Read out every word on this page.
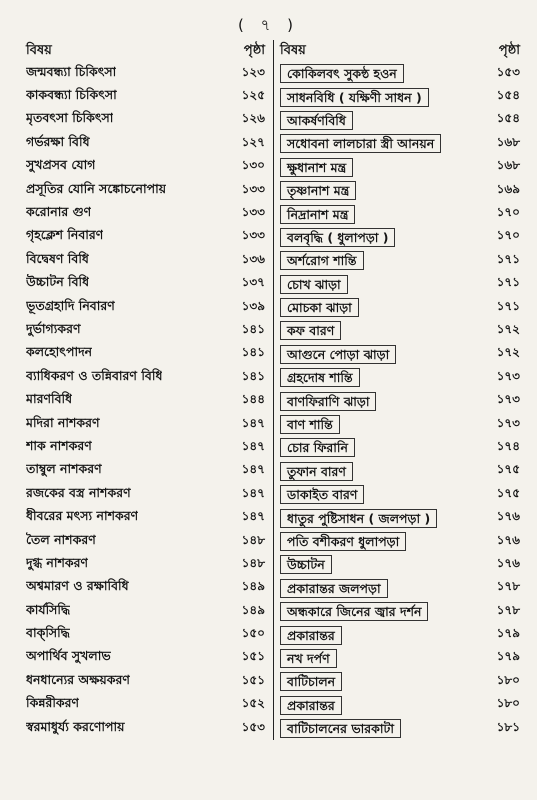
( ৭ )
বিষয়	পৃষ্ঠা
জন্মবন্ধ্যা চিকিৎসা	১২৩
কাকবন্ধ্যা চিকিৎসা	১২৫
মৃতবৎসা চিকিৎসা	১২৬
গর্ভরক্ষা বিধি	১২৭
সুখপ্রসব যোগ	১৩০
প্রসূতির যোনি সঙ্কোচনোপায়	১৩৩
করোনার গুণ	১৩৩
গৃহক্লেশ নিবারণ	১৩৩
বিদ্বেষণ বিধি	১৩৬
উচ্চাটন বিধি	১৩৭
ভূতগ্রহাদি নিবারণ	১৩৯
দুর্ভাগ্যকরণ	১৪১
কলহোৎপাদন	১৪১
ব্যাধিকরণ ও তন্নিবারণ বিধি	১৪১
মারণবিধি	১৪৪
মদিরা নাশকরণ	১৪৭
শাক নাশকরণ	১৪৭
তাম্বুল নাশকরণ	১৪৭
রজকের বস্ত্র নাশকরণ	১৪৭
ধীবরের মৎস্য নাশকরণ	১৪৭
তৈল নাশকরণ	১৪৮
দুগ্ধ নাশকরণ	১৪৮
অশ্বমারণ ও রক্ষাবিধি	১৪৯
কার্যসিদ্ধি	১৪৯
বাক্‌সিদ্ধি	১৫০
অপার্থিব সুখলাভ	১৫১
ধনধান্যের অক্ষয়করণ	১৫১
কিন্নরীকরণ	১৫২
স্বরমাধুর্য্য করণোপায়	১৫৩
বিষয়	পৃষ্ঠা
কোকিলবৎ সুকন্ঠ হওন	১৫৩
সাধনবিধি ( যক্ষিণী সাধন )	১৫৪
আকর্ষণবিধি	১৫৪
সধোবনা লালচারা স্ত্রী আনয়ন	১৬৮
ক্ষুধানাশ মন্ত্র	১৬৮
তৃষ্ণানাশ মন্ত্র	১৬৯
নিদ্রানাশ মন্ত্র	১৭০
বলবৃদ্ধি ( ধুলাপড়া )	১৭০
অর্শরোগ শান্তি	১৭১
চোখ ঝাড়া	১৭১
মোচকা ঝাড়া	১৭১
কফ বারণ	১৭২
আগুনে পোড়া ঝাড়া	১৭২
গ্রহদোষ শান্তি	১৭৩
বাণফিরাণি ঝাড়া	১৭৩
বাণ শান্তি	১৭৩
চোর ফিরানি	১৭৪
তুফান বারণ	১৭৫
ডাকাইত বারণ	১৭৫
ধাতুর পুষ্টিসাধন ( জলপড়া )	১৭৬
পতি বশীকরণ ধুলাপড়া	১৭৬
উচ্চাটন	১৭৬
প্রকারান্তর জলপড়া	১৭৮
অন্ধকারে জিনের জ্বার দর্শন	১৭৮
প্রকারান্তর	১৭৯
নখ দর্পণ	১৭৯
বাটিচালন	১৮০
প্রকারান্তর	১৮০
বাটিচালনের ভারকাটা	১৮১
